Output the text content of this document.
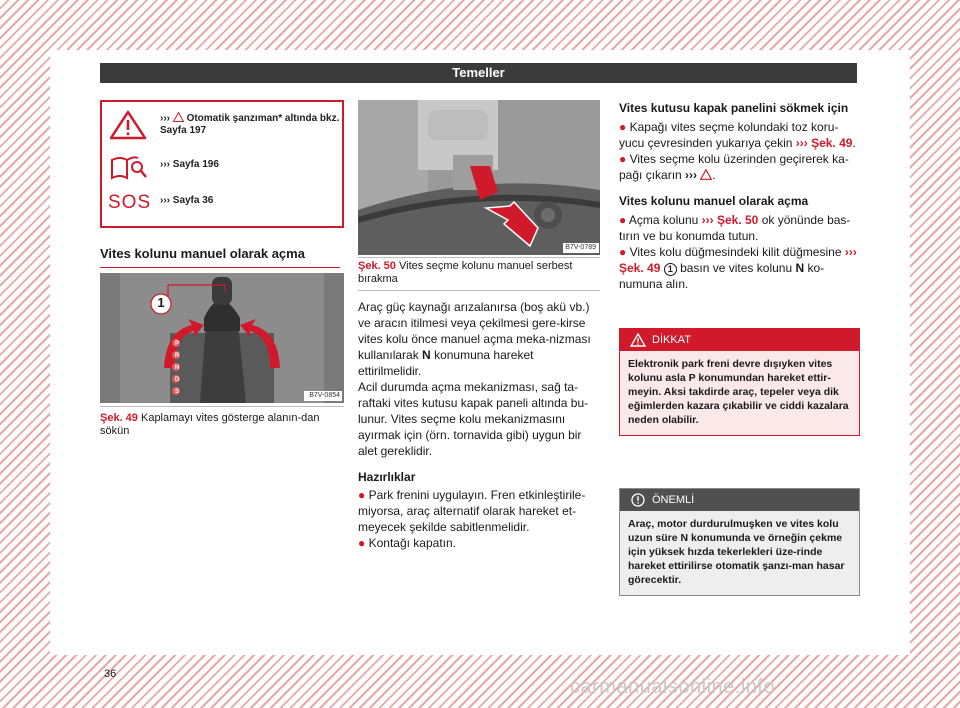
Temeller
››› Otomatik şanzıman* altında bkz. Sayfa 197
››› Sayfa 196
SOS ››› Sayfa 36
Vites kolunu manuel olarak açma
1
P
R
N
D
S	B7V-0854
Şek. 49 Kaplamayı vites gösterge alanın-dan sökün
B7V-0789
Şek. 50 Vites seçme kolunu manuel serbest bırakma

Araç güç kaynağı arızalanırsa (boş akü vb.) ve aracın itilmesi veya çekilmesi gere-kirse vites kolu önce manuel açma meka-nizması kullanılarak N konumuna hareket ettirilmelidir.

Acil durumda açma mekanizması, sağ ta-raftaki vites kutusu kapak paneli altında bu-lunur. Vites seçme kolu mekanizmasını ayırmak için (örn. tornavida gibi) uygun bir alet gereklidir.

Hazırlıklar

● Park frenini uygulayın. Fren etkinleştirile-miyorsa, araç alternatif olarak hareket et-meyecek şekilde sabitlenmelidir.

● Kontağı kapatın.

Vites kutusu kapak panelini sökmek için

● Kapağı vites seçme kolundaki toz koru-yucu çevresinden yukarıya çekin ››› Şek. 49.

● Vites seçme kolu üzerinden geçirerek ka-pağı çıkarın ››› .

Vites kolunu manuel olarak açma

● Açma kolunu ››› Şek. 50 ok yönünde bas-tırın ve bu konumda tutun.

● Vites kolu düğmesindeki kilit düğmesine ››› Şek. 49 1 basın ve vites kolunu N ko-numuna alın.

DİKKAT
Elektronik park freni devre dışıyken vites kolunu asla P konumundan hareket ettir-meyin. Aksi takdirde araç, tepeler veya dik eğimlerden kazara çıkabilir ve ciddi kazalara neden olabilir.
ÖNEMLİ
Araç, motor durdurulmuşken ve vites kolu uzun süre N konumunda ve örneğin çekme için yüksek hızda tekerlekleri üze-rinde hareket ettirilirse otomatik şanzı-man hasar görecektir.
36
carmanualsonline.info
